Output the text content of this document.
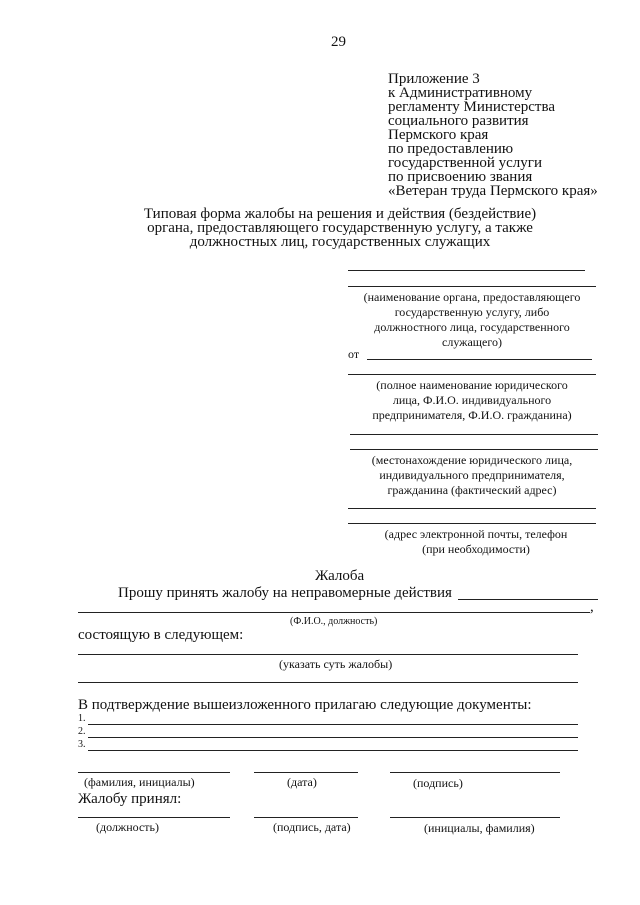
29
Приложение 3
к Административному
регламенту Министерства
социального развития
Пермского края
по предоставлению
государственной услуги
по присвоению звания
«Ветеран труда Пермского края»
Типовая форма жалобы на решения и действия (бездействие)
органа, предоставляющего государственную услугу, а также
должностных лиц, государственных служащих
(наименование органа, предоставляющего
государственную услугу, либо
должностного лица, государственного
служащего)
от
(полное наименование юридического
лица, Ф.И.О. индивидуального
предпринимателя, Ф.И.О. гражданина)
(местонахождение юридического лица,
индивидуального предпринимателя,
гражданина (фактический адрес)
(адрес электронной почты, телефон
(при необходимости)
Жалоба
Прошу принять жалобу на неправомерные действия
,
(Ф.И.О., должность)
состоящую в следующем:
(указать суть жалобы)
В подтверждение вышеизложенного прилагаю следующие документы:
1.
2.
3.
(фамилия, инициалы)	(дата)	(подпись)
Жалобу принял:
(должность)	(подпись, дата)	(инициалы, фамилия)
